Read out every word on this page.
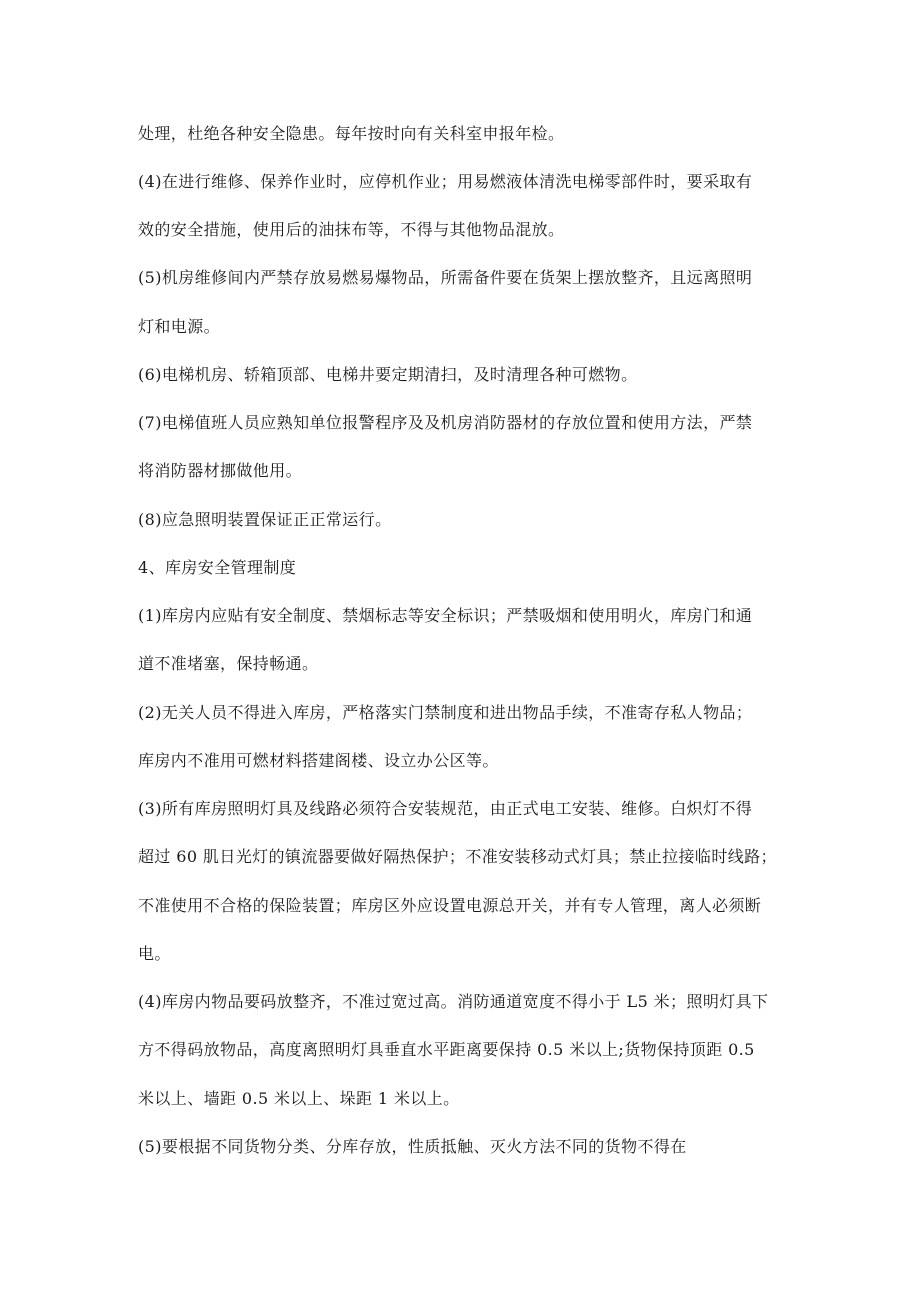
处理，杜绝各种安全隐患。每年按时向有关科室申报年检。
(4)在进行维修、保养作业时，应停机作业；用易燃液体清洗电梯零部件时，要采取有
效的安全措施，使用后的油抹布等，不得与其他物品混放。
(5)机房维修间内严禁存放易燃易爆物品，所需备件要在货架上摆放整齐，且远离照明
灯和电源。
(6)电梯机房、轿箱顶部、电梯井要定期清扫，及时清理各种可燃物。
(7)电梯值班人员应熟知单位报警程序及及机房消防器材的存放位置和使用方法，严禁
将消防器材挪做他用。
(8)应急照明装置保证正正常运行。
4、库房安全管理制度
(1)库房内应贴有安全制度、禁烟标志等安全标识；严禁吸烟和使用明火，库房门和通
道不准堵塞，保持畅通。
(2)无关人员不得进入库房，严格落实门禁制度和进出物品手续，不准寄存私人物品；
库房内不准用可燃材料搭建阁楼、设立办公区等。
(3)所有库房照明灯具及线路必须符合安装规范，由正式电工安装、维修。白炽灯不得
超过 60 肌日光灯的镇流器要做好隔热保护；不准安装移动式灯具；禁止拉接临时线路；
不准使用不合格的保险装置；库房区外应设置电源总开关，并有专人管理，离人必须断
电。
(4)库房内物品要码放整齐，不准过宽过高。消防通道宽度不得小于 L5 米；照明灯具下
方不得码放物品，高度离照明灯具垂直水平距离要保持 0.5 米以上;货物保持顶距 0.5
米以上、墙距 0.5 米以上、垛距 1 米以上。
(5)要根据不同货物分类、分库存放，性质抵触、灭火方法不同的货物不得在
